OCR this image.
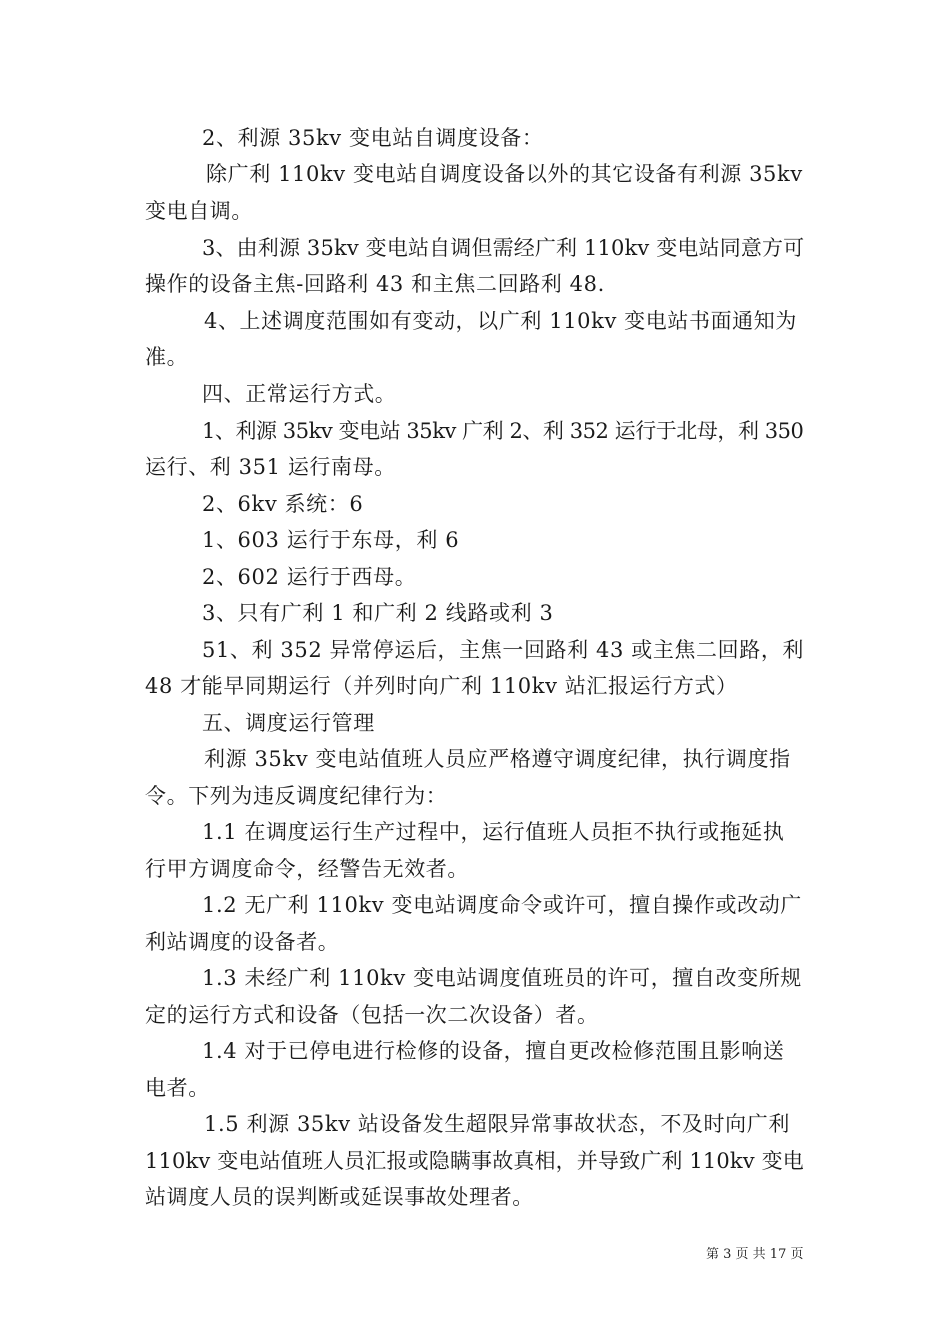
2、利源 35kv 变电站自调度设备：
除广利 110kv 变电站自调度设备以外的其它设备有利源 35kv
变电自调。
3、由利源 35kv 变电站自调但需经广利 110kv 变电站同意方可
操作的设备主焦-回路利 43 和主焦二回路利 48.
4、上述调度范围如有变动，以广利 110kv 变电站书面通知为
准。
四、正常运行方式。
1、利源 35kv 变电站 35kv 广利 2、利 352 运行于北母，利 350
运行、利 351 运行南母。
2、6kv 系统：6
1、603 运行于东母，利 6
2、602 运行于西母。
3、只有广利 1 和广利 2 线路或利 3
51、利 352 异常停运后，主焦一回路利 43 或主焦二回路，利
48 才能早同期运行（并列时向广利 110kv 站汇报运行方式）
五、调度运行管理
利源 35kv 变电站值班人员应严格遵守调度纪律，执行调度指
令。下列为违反调度纪律行为：
1.1 在调度运行生产过程中，运行值班人员拒不执行或拖延执
行甲方调度命令，经警告无效者。
1.2 无广利 110kv 变电站调度命令或许可，擅自操作或改动广
利站调度的设备者。
1.3 未经广利 110kv 变电站调度值班员的许可，擅自改变所规
定的运行方式和设备（包括一次二次设备）者。
1.4 对于已停电进行检修的设备，擅自更改检修范围且影响送
电者。
1.5 利源 35kv 站设备发生超限异常事故状态，不及时向广利
110kv 变电站值班人员汇报或隐瞒事故真相，并导致广利 110kv 变电
站调度人员的误判断或延误事故处理者。
第 3 页 共 17 页
